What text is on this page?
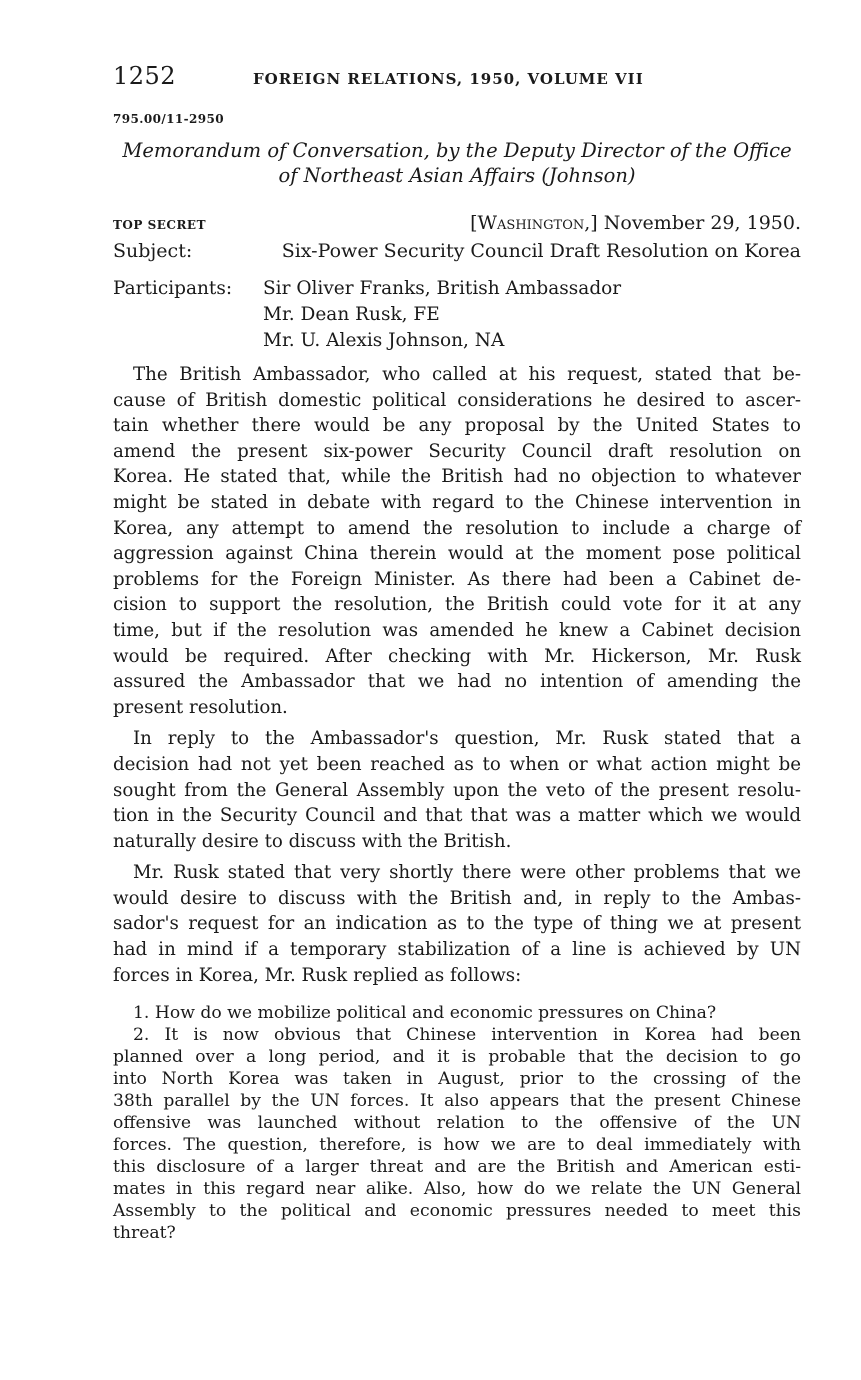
1252	FOREIGN RELATIONS, 1950, VOLUME VII
795.00/11-2950
Memorandum of Conversation, by the Deputy Director of the Office
of Northeast Asian Affairs (Johnson)
TOP SECRET	[Washington,] November 29, 1950.
Subject:	Six-Power Security Council Draft Resolution on Korea
Participants:	Sir Oliver Franks, British Ambassador
Mr. Dean Rusk, FE
Mr. U. Alexis Johnson, NA
The British Ambassador, who called at his request, stated that be-
cause of British domestic political considerations he desired to ascer-
tain whether there would be any proposal by the United States to
amend the present six-power Security Council draft resolution on
Korea. He stated that, while the British had no objection to whatever
might be stated in debate with regard to the Chinese intervention in
Korea, any attempt to amend the resolution to include a charge of
aggression against China therein would at the moment pose political
problems for the Foreign Minister. As there had been a Cabinet de-
cision to support the resolution, the British could vote for it at any
time, but if the resolution was amended he knew a Cabinet decision
would be required. After checking with Mr. Hickerson, Mr. Rusk
assured the Ambassador that we had no intention of amending the
present resolution.
In reply to the Ambassador's question, Mr. Rusk stated that a
decision had not yet been reached as to when or what action might be
sought from the General Assembly upon the veto of the present resolu-
tion in the Security Council and that that was a matter which we would
naturally desire to discuss with the British.
Mr. Rusk stated that very shortly there were other problems that we
would desire to discuss with the British and, in reply to the Ambas-
sador's request for an indication as to the type of thing we at present
had in mind if a temporary stabilization of a line is achieved by UN
forces in Korea, Mr. Rusk replied as follows:
1. How do we mobilize political and economic pressures on China?
2. It is now obvious that Chinese intervention in Korea had been
planned over a long period, and it is probable that the decision to go
into North Korea was taken in August, prior to the crossing of the
38th parallel by the UN forces. It also appears that the present Chinese
offensive was launched without relation to the offensive of the UN
forces. The question, therefore, is how we are to deal immediately with
this disclosure of a larger threat and are the British and American esti-
mates in this regard near alike. Also, how do we relate the UN General
Assembly to the political and economic pressures needed to meet this
threat?
